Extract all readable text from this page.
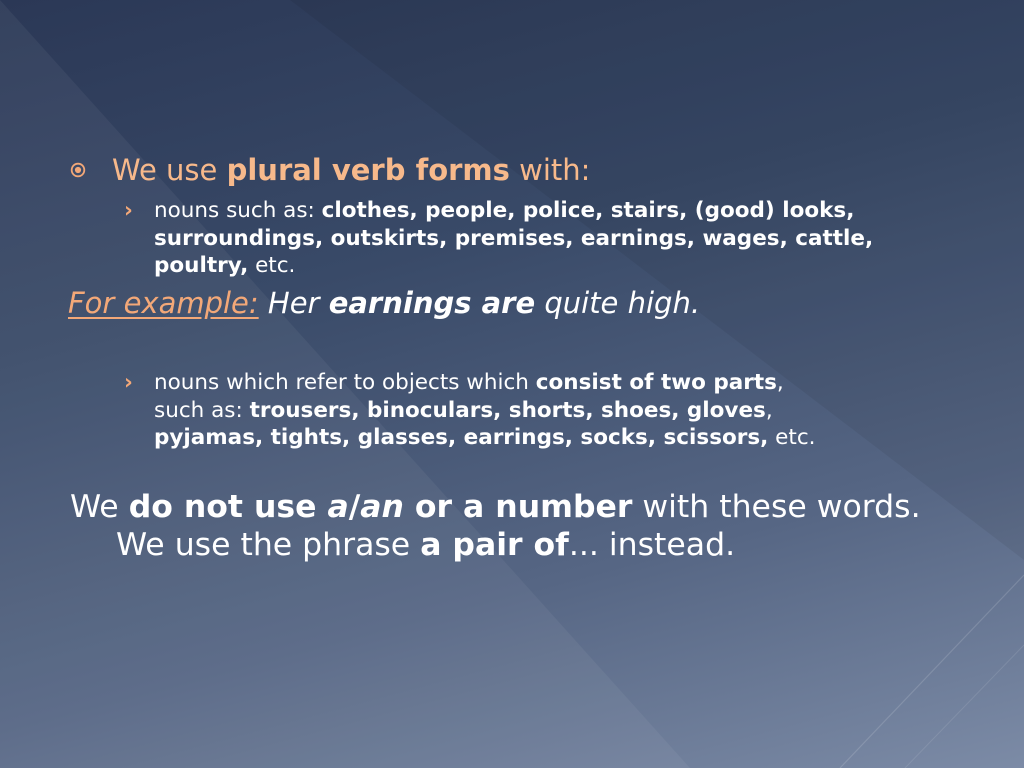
We use plural verb forms with:
› nouns such as: clothes, people, police, stairs, (good) looks,
surroundings, outskirts, premises, earnings, wages, cattle,
poultry, etc.
For example: Her earnings are quite high.
› nouns which refer to objects which consist of two parts,
such as: trousers, binoculars, shorts, shoes, gloves,
pyjamas, tights, glasses, earrings, socks, scissors, etc.
We do not use a/an or a number with these words.
We use the phrase a pair of... instead.
